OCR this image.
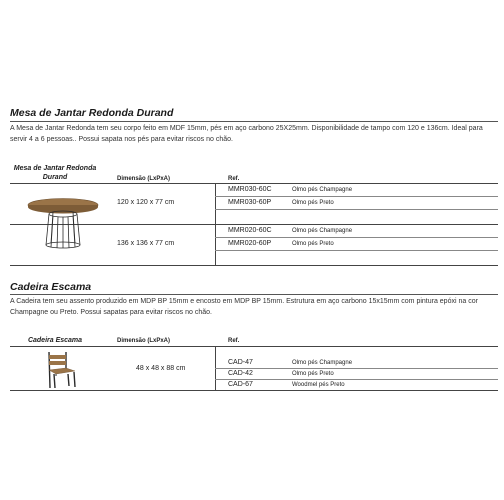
Mesa de Jantar Redonda Durand
A Mesa de Jantar Redonda tem seu corpo feito em MDF 15mm, pés em aço carbono 25X25mm. Disponibilidade de tampo com 120 e 136cm. Ideal para servir 4 a 6 pessoas.. Possui sapata nos pés para evitar riscos no chão.
Mesa de Jantar Redonda Durand	Dimensão (LxPxA)	Ref.
120 x 120 x 77 cm
MMR030-60C	Olmo pés Champagne
MMR030-60P	Olmo pés Preto
136 x 136 x 77 cm
MMR020-60C	Olmo pés Champagne
MMR020-60P	Olmo pés Preto
Cadeira Escama
A Cadeira tem seu assento produzido em MDP BP 15mm e encosto em MDP BP 15mm. Estrutura em aço carbono 15x15mm com pintura epóxi na cor Champagne ou Preto. Possui sapatas para evitar riscos no chão.
Cadeira Escama	Dimensão (LxPxA)	Ref.
48 x 48 x 88 cm
CAD-47	Olmo pés Champagne
CAD-42	Olmo pés Preto
CAD-67	Woodmel pés Preto
